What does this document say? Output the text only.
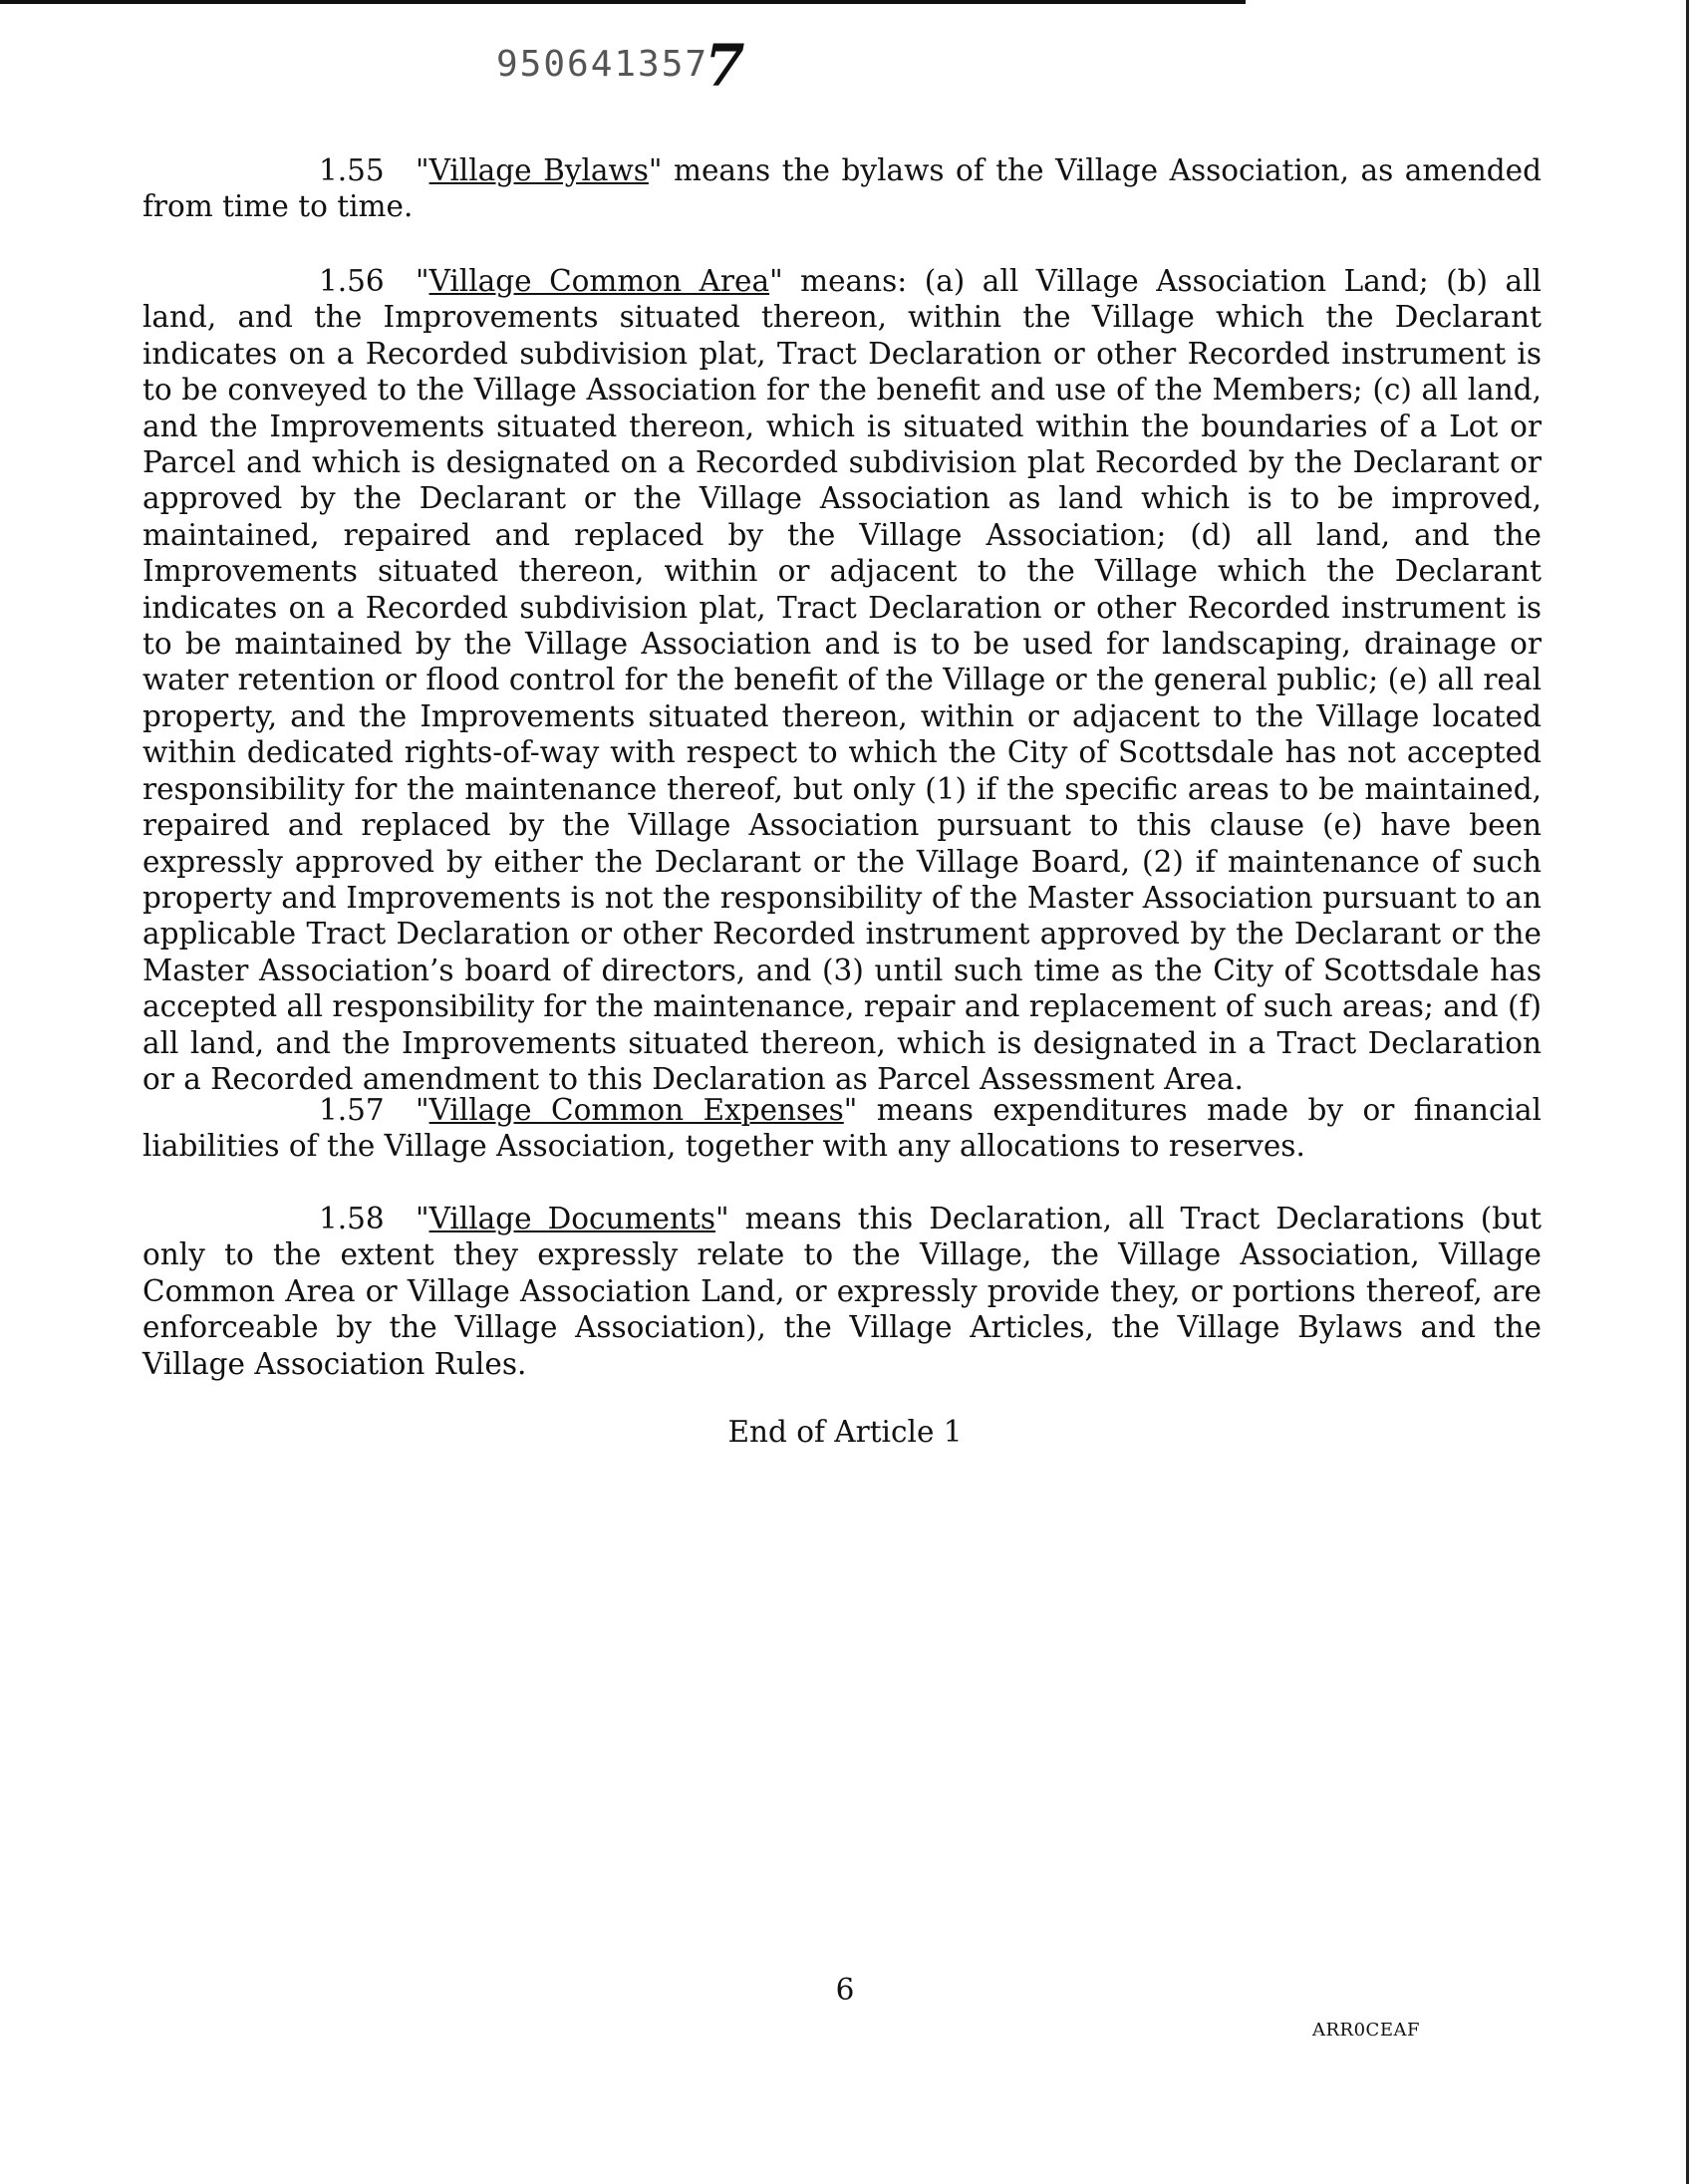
9506413577

1.55 "Village Bylaws" means the bylaws of the Village Association, as amended from time to time.

1.56 "Village Common Area" means: (a) all Village Association Land; (b) all land, and the Improvements situated thereon, within the Village which the Declarant indicates on a Recorded subdivision plat, Tract Declaration or other Recorded instrument is to be conveyed to the Village Association for the benefit and use of the Members; (c) all land, and the Improvements situated thereon, which is situated within the boundaries of a Lot or Parcel and which is designated on a Recorded subdivision plat Recorded by the Declarant or approved by the Declarant or the Village Association as land which is to be improved, maintained, repaired and replaced by the Village Association; (d) all land, and the Improvements situated thereon, within or adjacent to the Village which the Declarant indicates on a Recorded subdivision plat, Tract Declaration or other Recorded instrument is to be maintained by the Village Association and is to be used for landscaping, drainage or water retention or flood control for the benefit of the Village or the general public; (e) all real property, and the Improvements situated thereon, within or adjacent to the Village located within dedicated rights-of-way with respect to which the City of Scottsdale has not accepted responsibility for the maintenance thereof, but only (1) if the specific areas to be maintained, repaired and replaced by the Village Association pursuant to this clause (e) have been expressly approved by either the Declarant or the Village Board, (2) if maintenance of such property and Improvements is not the responsibility of the Master Association pursuant to an applicable Tract Declaration or other Recorded instrument approved by the Declarant or the Master Association’s board of directors, and (3) until such time as the City of Scottsdale has accepted all responsibility for the maintenance, repair and replacement of such areas; and (f) all land, and the Improvements situated thereon, which is designated in a Tract Declaration or a Recorded amendment to this Declaration as Parcel Assessment Area.

1.57 "Village Common Expenses" means expenditures made by or financial liabilities of the Village Association, together with any allocations to reserves.

1.58 "Village Documents" means this Declaration, all Tract Declarations (but only to the extent they expressly relate to the Village, the Village Association, Village Common Area or Village Association Land, or expressly provide they, or portions thereof, are enforceable by the Village Association), the Village Articles, the Village Bylaws and the Village Association Rules.

End of Article 1
6
ARR0CEAF
